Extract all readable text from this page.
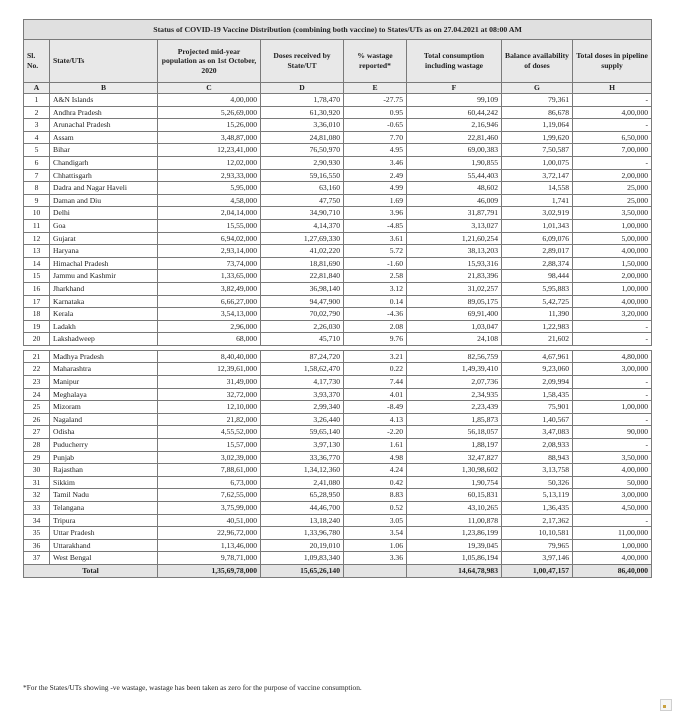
Status of COVID-19 Vaccine Distribution (combining both vaccine) to States/UTs as on 27.04.2021 at 08:00 AM							
Sl. No.	State/UTs	Projected mid-year population as on 1st October, 2020	Doses received by State/UT	% wastage reported*	Total consumption including wastage	Balance availability of doses	Total doses in pipeline supply
A	B	C	D	E	F	G	H
1	A&N Islands	4,00,000	1,78,470	-27.75	99,109	79,361	-
2	Andhra Pradesh	5,26,69,000	61,30,920	0.95	60,44,242	86,678	4,00,000
3	Arunachal Pradesh	15,26,000	3,36,010	-0.65	2,16,946	1,19,064	-
4	Assam	3,48,87,000	24,81,080	7.70	22,81,460	1,99,620	6,50,000
5	Bihar	12,23,41,000	76,50,970	4.95	69,00,383	7,50,587	7,00,000
6	Chandigarh	12,02,000	2,90,930	3.46	1,90,855	1,00,075	-
7	Chhattisgarh	2,93,33,000	59,16,550	2.49	55,44,403	3,72,147	2,00,000
8	Dadra and Nagar Haveli	5,95,000	63,160	4.99	48,602	14,558	25,000
9	Daman and Diu	4,58,000	47,750	1.69	46,009	1,741	25,000
10	Delhi	2,04,14,000	34,90,710	3.96	31,87,791	3,02,919	3,50,000
11	Goa	15,55,000	4,14,370	-4.85	3,13,027	1,01,343	1,00,000
12	Gujarat	6,94,02,000	1,27,69,330	3.61	1,21,60,254	6,09,076	5,00,000
13	Haryana	2,93,14,000	41,02,220	5.72	38,13,203	2,89,017	4,00,000
14	Himachal Pradesh	73,74,000	18,81,690	-1.60	15,93,316	2,88,374	1,50,000
15	Jammu and Kashmir	1,33,65,000	22,81,840	2.58	21,83,396	98,444	2,00,000
16	Jharkhand	3,82,49,000	36,98,140	3.12	31,02,257	5,95,883	1,00,000
17	Karnataka	6,66,27,000	94,47,900	0.14	89,05,175	5,42,725	4,00,000
18	Kerala	3,54,13,000	70,02,790	-4.36	69,91,400	11,390	3,20,000
19	Ladakh	2,96,000	2,26,030	2.08	1,03,047	1,22,983	-
20	Lakshadweep	68,000	45,710	9.76	24,108	21,602	-

21	Madhya Pradesh	8,40,40,000	87,24,720	3.21	82,56,759	4,67,961	4,80,000
22	Maharashtra	12,39,61,000	1,58,62,470	0.22	1,49,39,410	9,23,060	3,00,000
23	Manipur	31,49,000	4,17,730	7.44	2,07,736	2,09,994	-
24	Meghalaya	32,72,000	3,93,370	4.01	2,34,935	1,58,435	-
25	Mizoram	12,10,000	2,99,340	-8.49	2,23,439	75,901	1,00,000
26	Nagaland	21,82,000	3,26,440	4.13	1,85,873	1,40,567	-
27	Odisha	4,55,52,000	59,65,140	-2.20	56,18,057	3,47,083	90,000
28	Puducherry	15,57,000	3,97,130	1.61	1,88,197	2,08,933	-
29	Punjab	3,02,39,000	33,36,770	4.98	32,47,827	88,943	3,50,000
30	Rajasthan	7,88,61,000	1,34,12,360	4.24	1,30,98,602	3,13,758	4,00,000
31	Sikkim	6,73,000	2,41,080	0.42	1,90,754	50,326	50,000
32	Tamil Nadu	7,62,55,000	65,28,950	8.83	60,15,831	5,13,119	3,00,000
33	Telangana	3,75,99,000	44,46,700	0.52	43,10,265	1,36,435	4,50,000
34	Tripura	40,51,000	13,18,240	3.05	11,00,878	2,17,362	-
35	Uttar Pradesh	22,96,72,000	1,33,96,780	3.54	1,23,86,199	10,10,581	11,00,000
36	Uttarakhand	1,13,46,000	20,19,010	1.06	19,39,045	79,965	1,00,000
37	West Bengal	9,78,71,000	1,09,83,340	3.36	1,05,86,194	3,97,146	4,00,000
Total		1,35,69,78,000	15,65,26,140		14,64,78,983	1,00,47,157	86,40,000
*For the States/UTs showing -ve wastage, wastage has been taken as zero for the purpose of vaccine consumption.
